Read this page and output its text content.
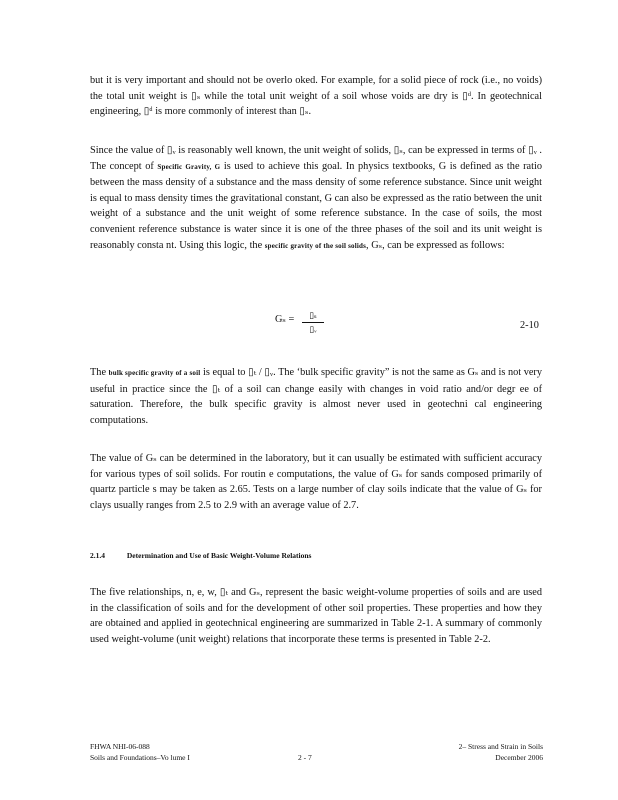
but it is very important and should not be overlo oked. For example, for a solid piece of rock (i.e., no voids) the total unit weight is ▯ₛ while the total unit weight of a soil whose voids are dry is ▯ᵈ. In geotechnical engineering, ▯ᵈ is more commonly of interest than ▯ₛ.

Since the value of ▯ᵥ is reasonably well known, the unit weight of solids, ▯ₛ, can be expressed in terms of ▯ᵥ . The concept of Specific Gravity, G is used to achieve this goal. In physics textbooks, G is defined as the ratio between the mass density of a substance and the mass density of some reference substance. Since unit weight is equal to mass density times the gravitational constant, G can also be expressed as the ratio between the unit weight of a substance and the unit weight of some reference substance. In the case of soils, the most convenient reference substance is water since it is one of the three phases of the soil and its unit weight is reasonably consta nt. Using this logic, the specific gravity of the soil solids, Gₛ, can be expressed as follows:

Gₛ =	▯ₛ
▯ᵥ	2-10

The bulk specific gravity of a soil is equal to ▯ₜ / ▯ᵥ. The ‘bulk specific gravity” is not the same as Gₛ and is not very useful in practice since the ▯ₜ of a soil can change easily with changes in void ratio and/or degr ee of saturation. Therefore, the bulk specific gravity is almost never used in geotechni cal engineering computations.

The value of Gₛ can be determined in the laboratory, but it can usually be estimated with sufficient accuracy for various types of soil solids. For routin e computations, the value of Gₛ for sands composed primarily of quartz particle s may be taken as 2.65. Tests on a large number of clay soils indicate that the value of Gₛ for clays usually ranges from 2.5 to 2.9 with an average value of 2.7.

2.1.4	Determination and Use of Basic Weight-Volume Relations

The five relationships, n, e, w, ▯ₜ and Gₛ, represent the basic weight-volume properties of soils and are used in the classification of soils and for the development of other soil properties. These properties and how they are obtained and applied in geotechnical engineering are summarized in Table 2-1. A summary of commonly used weight-volume (unit weight) relations that incorporate these terms is presented in Table 2-2.

FHWA NHI-06-088
Soils and Foundations–Vo lume I	2 - 7
2– Stress and Strain in Soils
December 2006
